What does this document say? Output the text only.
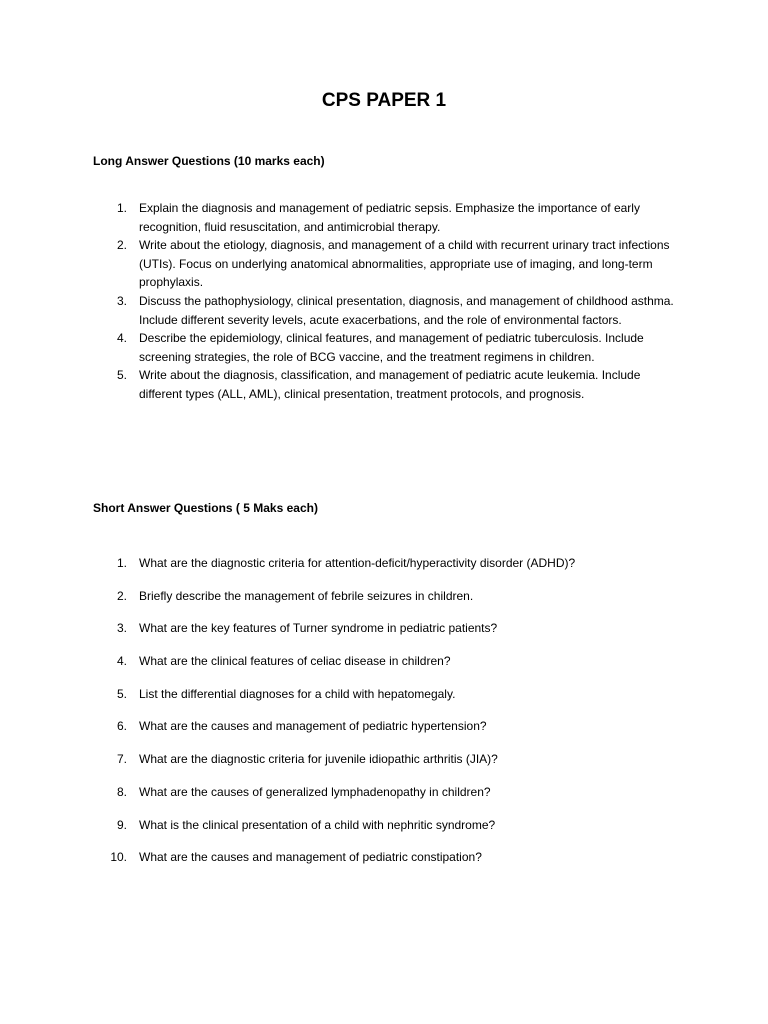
CPS PAPER 1
Long Answer Questions (10 marks each)
1. Explain the diagnosis and management of pediatric sepsis. Emphasize the importance of early recognition, fluid resuscitation, and antimicrobial therapy.
2. Write about the etiology, diagnosis, and management of a child with recurrent urinary tract infections (UTIs). Focus on underlying anatomical abnormalities, appropriate use of imaging, and long-term prophylaxis.
3. Discuss the pathophysiology, clinical presentation, diagnosis, and management of childhood asthma. Include different severity levels, acute exacerbations, and the role of environmental factors.
4. Describe the epidemiology, clinical features, and management of pediatric tuberculosis. Include screening strategies, the role of BCG vaccine, and the treatment regimens in children.
5. Write about the diagnosis, classification, and management of pediatric acute leukemia. Include different types (ALL, AML), clinical presentation, treatment protocols, and prognosis.
Short Answer Questions ( 5 Maks each)
1. What are the diagnostic criteria for attention-deficit/hyperactivity disorder (ADHD)?
2. Briefly describe the management of febrile seizures in children.
3. What are the key features of Turner syndrome in pediatric patients?
4. What are the clinical features of celiac disease in children?
5. List the differential diagnoses for a child with hepatomegaly.
6. What are the causes and management of pediatric hypertension?
7. What are the diagnostic criteria for juvenile idiopathic arthritis (JIA)?
8. What are the causes of generalized lymphadenopathy in children?
9. What is the clinical presentation of a child with nephritic syndrome?
10. What are the causes and management of pediatric constipation?
